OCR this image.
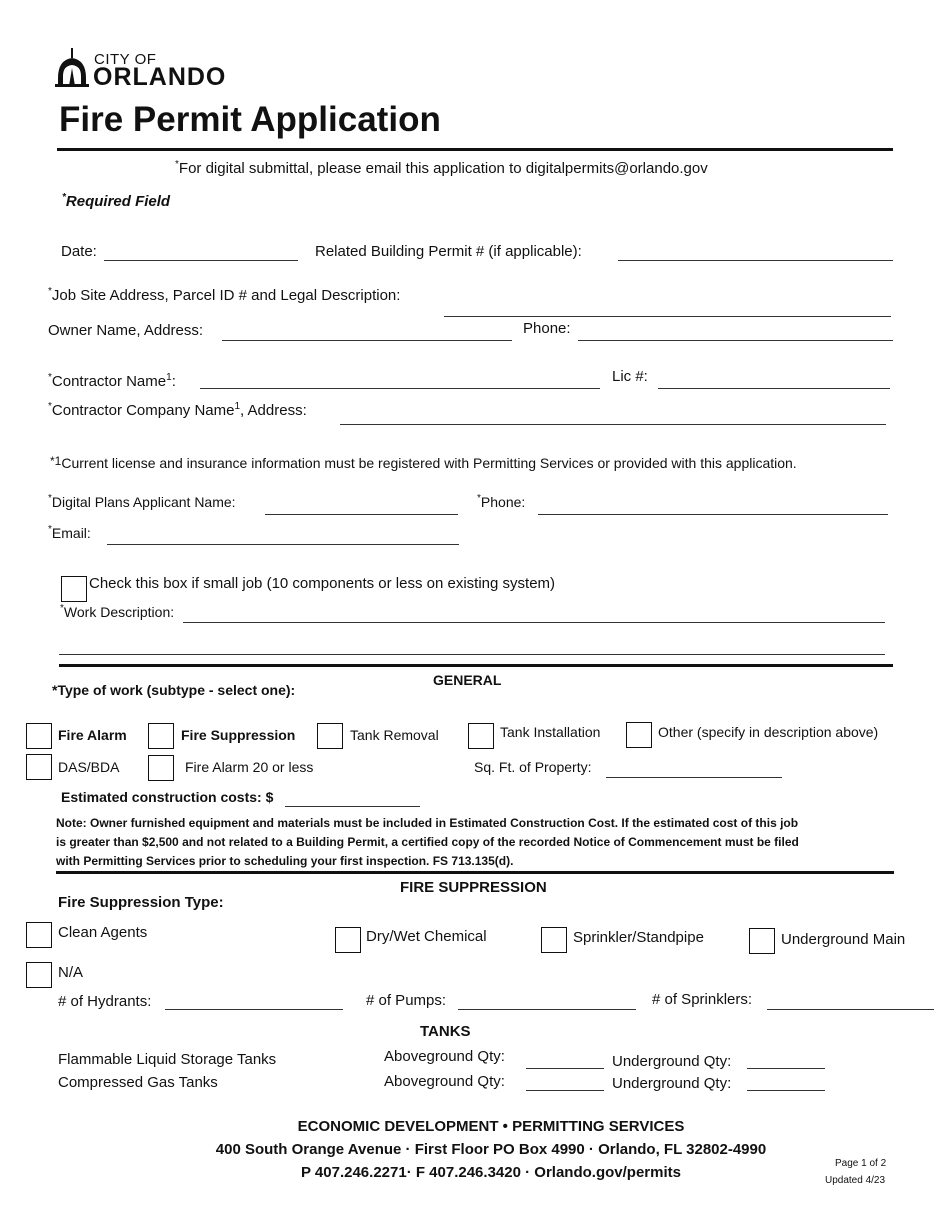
CITY OF
ORLANDO
Fire Permit Application
*For digital submittal, please email this application to digitalpermits@orlando.gov
*Required Field
Date:	Related Building Permit # (if applicable):
*Job Site Address, Parcel ID # and Legal Description:
Owner Name, Address:	Phone:
*Contractor Name$^1$:	Lic #:
*Contractor Company Name$^1$, Address:
$^{*1}$Current license and insurance information must be registered with Permitting Services or provided with this application.
*Digital Plans Applicant Name:	*Phone:
*Email:
Check this box if small job (10 components or less on existing system)
*Work Description:
GENERAL
*Type of work (subtype - select one):
Fire Alarm	Fire Suppression	Tank Removal	Tank Installation	Other (specify in description above)
DAS/BDA	Fire Alarm 20 or less	Sq. Ft. of Property:
Estimated construction costs: $
Note: Owner furnished equipment and materials must be included in Estimated Construction Cost. If the estimated cost of this job
is greater than $2,500 and not related to a Building Permit, a certified copy of the recorded Notice of Commencement must be filed
with Permitting Services prior to scheduling your first inspection. FS 713.135(d).
FIRE SUPPRESSION
Fire Suppression Type:
Clean Agents	Dry/Wet Chemical	Sprinkler/Standpipe	Underground Main
N/A
# of Hydrants:	# of Pumps:	# of Sprinklers:
TANKS
Flammable Liquid Storage Tanks	Aboveground Qty:	Underground Qty:
Compressed Gas Tanks	Aboveground Qty:	Underground Qty:
ECONOMIC DEVELOPMENT • PERMITTING SERVICES
400 South Orange Avenue · First Floor PO Box 4990 · Orlando, FL 32802-4990
P 407.246.2271· F 407.246.3420 · Orlando.gov/permits
Page 1 of 2
Updated 4/23
